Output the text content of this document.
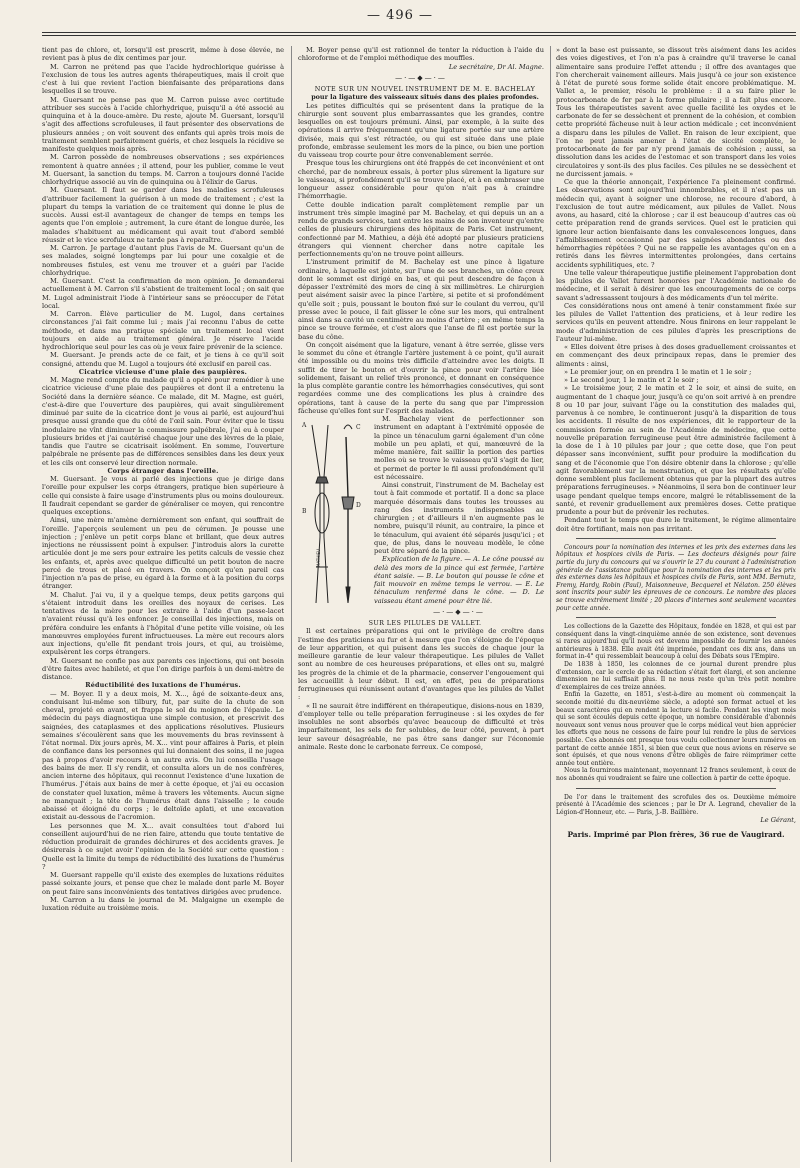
— 496 —

tient pas de chlore, et, lorsqu'il est prescrit, même à dose élevée, ne revient pas à plus de dix centimes par jour.

M. Carron ne prétend pas que l'acide hydrochlorique guérisse à l'exclusion de tous les autres agents thérapeutiques, mais il croit que c'est à lui que revient l'action bienfaisante des préparations dans lesquelles il se trouve.

M. Guersant ne pense pas que M. Carron puisse avec certitude attribuer ses succès à l'acide chlorhydrique, puisqu'il a été associé au quinquina et à la douce-amère. Du reste, ajoute M. Guersant, lorsqu'il s'agit des affections scrofuleuses, il faut présenter des observations de plusieurs années ; on voit souvent des enfants qui après trois mois de traitement semblent parfaitement guéris, et chez lesquels la récidive se manifeste quelques mois après.

M. Carron possède de nombreuses observations ; ses expériences remontent à quatre années ; il attend, pour les publier, comme le veut M. Guersant, la sanction du temps. M. Carron a toujours donné l'acide chlorhydrique associé au vin de quinquina ou à l'élixir de Garus.

M. Guersant. Il faut se garder dans les maladies scrofuleuses d'attribuer facilement la guérison à un mode de traitement ; c'est la plupart du temps la variation de ce traitement qui donne le plus de succès. Aussi est-il avantageux de changer de temps en temps les agents que l'on emploie ; autrement, la cure étant de longue durée, les malades s'habituent au médicament qui avait tout d'abord semblé réussir et le vice scrofuleux ne tarde pas à reparaître.

M. Carron. Je partage d'autant plus l'avis de M. Guersant qu'un de ses malades, soigné longtemps par lui pour une coxalgie et de nombreuses fistules, est venu me trouver et a guéri par l'acide chlorhydrique.

M. Guersant. C'est la confirmation de mon opinion. Je demanderai actuellement à M. Carron s'il s'abstient de traitement local ; on sait que M. Lugol administrait l'iode à l'intérieur sans se préoccuper de l'état local.

M. Carron. Élève particulier de M. Lugol, dans certaines circonstances j'ai fait comme lui ; mais j'ai reconnu l'abus de cette méthode, et dans ma pratique spéciale un traitement local vient toujours en aide au traitement général. Je réserve l'acide hydrochlorique seul pour les cas où je veux faire prévenir de la science.

M. Guersant. Je prends acte de ce fait, et je tiens à ce qu'il soit consigné, attendu que M. Lugol a toujours été exclusif en pareil cas.

Cicatrice vicieuse d'une plaie des paupières.

M. Magne rend compte du malade qu'il a opéré pour remédier à une cicatrice vicieuse d'une plaie des paupières et dont il a entretenu la Société dans la dernière séance. Ce malade, dit M. Magne, est guéri, c'est-à-dire que l'ouverture des paupières, qui avait singulièrement diminué par suite de la cicatrice dont je vous ai parlé, est aujourd'hui presque aussi grande que du côté de l'œil sain. Pour éviter que le tissu inodulaire ne vînt diminuer la commissure palpébrale, j'ai eu à couper plusieurs brides et j'ai cautérisé chaque jour une des lèvres de la plaie, tandis que l'autre se cicatrisait isolément. En somme, l'ouverture palpébrale ne présente pas de différences sensibles dans les deux yeux et les cils ont conservé leur direction normale.

Corps étranger dans l'oreille.

M. Guersant. Je vous ai parlé des injections que je dirige dans l'oreille pour expulser les corps étrangers, pratique bien supérieure à celle qui consiste à faire usage d'instruments plus ou moins douloureux. Il faudrait cependant se garder de généraliser ce moyen, qui rencontre quelques exceptions.

Ainsi, une mère m'amène dernièrement son enfant, qui souffrait de l'oreille. J'aperçois seulement un peu de cérumen. Je pousse une injection ; j'enlève un petit corps blanc et brillant, que deux autres injections ne réussissent point à expulser. J'introduis alors la curette articulée dont je me sers pour extraire les petits calculs de vessie chez les enfants, et, après avec quelque difficulté un petit bouton de nacre percé de trous et placé en travers. On conçoit qu'en pareil cas l'injection n'a pas de prise, eu égard à la forme et à la position du corps étranger.

M. Chalut. J'ai vu, il y a quelque temps, deux petits garçons qui s'étaient introduit dans les oreilles des noyaux de cerises. Les tentatives de la mère pour les extraire à l'aide d'un passe-lacet n'avaient réussi qu'à les enfoncer. Je conseillai des injections, mais on préféra conduire les enfants à l'hôpital d'une petite ville voisine, où les manœuvres employées furent infructueuses. La mère eut recours alors aux injections, qu'elle fit pendant trois jours, et qui, au troisième, expulsèrent les corps étrangers.

M. Guersant ne confie pas aux parents ces injections, qui ont besoin d'être faites avec habileté, et que l'on dirige parfois à un demi-mètre de distance.

Réductibilité des luxations de l'humérus.

— M. Boyer. Il y a deux mois, M. X..., âgé de soixante-deux ans, conduisant lui-même son tilbury, fut, par suite de la chute de son cheval, projeté en avant, et frappa le sol du moignon de l'épaule. Le médecin du pays diagnostiqua une simple contusion, et prescrivit des saignées, des cataplasmes et des applications résolutives. Plusieurs semaines s'écoulèrent sans que les mouvements du bras revinssent à l'état normal. Dix jours après, M. X... vint pour affaires à Paris, et plein de confiance dans les personnes qui lui donnaient des soins, il ne jugea pas à propos d'avoir recours à un autre avis. On lui conseilla l'usage des bains de mer. Il s'y rendit, et consulta alors un de nos confrères, ancien interne des hôpitaux, qui reconnut l'existence d'une luxation de l'humérus. J'étais aux bains de mer à cette époque, et j'ai eu occasion de constater quel luxation, même à travers les vêtements. Aucun signe ne manquait ; la tête de l'humérus était dans l'aisselle ; le coude abaissé et éloigné du corps ; le deltoïde aplati, et une excavation existait au-dessous de l'acromion.

Les personnes que M. X... avait consultées tout d'abord lui conseillent aujourd'hui de ne rien faire, attendu que toute tentative de réduction produirait de grandes déchirures et des accidents graves. Je désirerais à ce sujet avoir l'opinion de la Société sur cette question : Quelle est la limite du temps de réductibilité des luxations de l'humérus ?

M. Guersant rappelle qu'il existe des exemples de luxations réduites passé soixante jours, et pense que chez le malade dont parle M. Boyer on peut faire sans inconvénients des tentatives dirigées avec prudence.

M. Carron a lu dans le journal de M. Malgaigne un exemple de luxation réduite au troisième mois.

M. Boyer pense qu'il est rationnel de tenter la réduction à l'aide du chloroforme et de l'emploi méthodique des mouffles.

Le secrétaire, Dr Al. Magne.

—·—◆—·—

NOTE SUR UN NOUVEL INSTRUMENT DE M. E. BACHELAY

pour la ligature des vaisseaux situés dans des plaies profondes.

Les petites difficultés qui se présentent dans la pratique de la chirurgie sont souvent plus embarrassantes que les grandes, contre lesquelles on est toujours prémuni. Ainsi, par exemple, à la suite des opérations il arrive fréquemment qu'une ligature portée sur une artère divisée, mais qui s'est rétractée, ou qui est située dans une plaie profonde, embrasse seulement les mors de la pince, ou bien une portion du vaisseau trop courte pour être convenablement serrée.

Presque tous les chirurgiens ont été frappés de cet inconvénient et ont cherché, par de nombreux essais, à porter plus sûrement la ligature sur le vaisseau, si profondément qu'il se trouve placé, et à en embrasser une longueur assez considérable pour qu'on n'ait pas à craindre l'hémorrhagie.

Cette double indication paraît complètement remplie par un instrument très simple imaginé par M. Bachelay, et qui depuis un an a rendu de grands services, tant entre les mains de son inventeur qu'entre celles de plusieurs chirurgiens des hôpitaux de Paris. Cet instrument, confectionné par M. Mathieu, a déjà été adopté par plusieurs praticiens étrangers qui viennent chercher dans notre capitale les perfectionnements qu'on ne trouve point ailleurs.

L'instrument primitif de M. Bachelay est une pince à ligature ordinaire, à laquelle est jointe, sur l'une de ses branches, un cône creux dont le sommet est dirigé en bas, et qui peut descendre de façon à dépasser l'extrémité des mors de cinq à six millimètres. Le chirurgien peut aisément saisir avec la pince l'artère, si petite et si profondément qu'elle soit ; puis, poussant le bouton fixé sur le coulant du verrou, qu'il presse avec le pouce, il fait glisser le cône sur les mors, qui entraînent ainsi dans sa cavité un centimètre au moins d'artère ; en même temps la pince se trouve fermée, et c'est alors que l'anse de fil est portée sur la base du cône.

On conçoit aisément que la ligature, venant à être serrée, glisse vers le sommet du cône et étrangle l'artère justement à ce point, qu'il aurait été impossible ou du moins très difficile d'atteindre avec les doigts. Il suffit de tirer le bouton et d'ouvrir la pince pour voir l'artère liée solidement, faisant un relief très prononcé, et donnant en conséquence la plus complète garantie contre les hémorrhagies consécutives, qui sont regardées comme une des complications les plus à craindre des opérations, tant à cause de la perte du sang que par l'impression fâcheuse qu'elles font sur l'esprit des malades.

A
B
C
D
MATHIEU

M. Bachelay vient de perfectionner son instrument en adaptant à l'extrémité opposée de la pince un ténaculum garni également d'un cône mobile un peu aplati, et qui, manœuvré de la même manière, fait saillir la portion des parties molles où se trouve le vaisseau qu'il s'agit de lier, et permet de porter le fil aussi profondément qu'il est nécessaire.

Ainsi construit, l'instrument de M. Bachelay est tout à fait commode et portatif. Il a donc sa place marquée désormais dans toutes les trousses au rang des instruments indispensables au chirurgien ; et d'ailleurs il n'en augmente pas le nombre, puisqu'il réunit, au contraire, la pince et le ténaculum, qui avaient été séparés jusqu'ici ; et que, de plus, dans le nouveau modèle, le cône peut être séparé de la pince.

Explication de la figure. — A. Le cône poussé au delà des mors de la pince qui est fermée, l'artère étant saisie. — B. Le bouton qui pousse le cône et fait mouvoir en même temps le verrou. — E. Le ténaculum renfermé dans le cône. — D. Le vaisseau étant amené pour être lié.

—·—◆—·—

SUR LES PILULES DE VALLET.

Il est certaines préparations qui ont le privilège de croître dans l'estime des praticiens au fur et à mesure que l'on s'éloigne de l'époque de leur apparition, et qui puisent dans les succès de chaque jour la meilleure garantie de leur valeur thérapeutique. Les pilules de Vallet sont au nombre de ces heureuses préparations, et elles ont su, malgré les progrès de la chimie et de la pharmacie, conserver l'engouement qui les accueillit à leur début. Il est, en effet, peu de préparations ferrugineuses qui réunissent autant d'avantages que les pilules de Vallet :

« Il ne saurait être indifférent en thérapeutique, disions-nous en 1839, d'employer telle ou telle préparation ferrugineuse : si les oxydes de fer insolubles ne sont absorbés qu'avec beaucoup de difficulté et très imparfaitement, les sels de fer solubles, de leur côté, peuvent, à part leur saveur désagréable, ne pas être sans danger sur l'économie animale. Reste donc le carbonate ferreux. Ce composé,

» dont la base est puissante, se dissout très aisément dans les acides des voies digestives, et l'on n'a pas à craindre qu'il traverse le canal alimentaire sans produire l'effet attendu ; il offre des avantages que l'on chercherait vainement ailleurs. Mais jusqu'à ce jour son existence à l'état de pureté sous forme solide était encore problématique. M. Vallet a, le premier, résolu le problème : il a su faire plier le protocarbonate de fer par à la forme pilulaire ; il a fait plus encore. Tous les thérapeutistes savent avec quelle facilité les oxydes et le carbonate de fer se dessèchent et prennent de la cohésion, et combien cette propriété fâcheuse nuit à leur action médicale ; cet inconvénient a disparu dans les pilules de Vallet. En raison de leur excipient, que l'on ne peut jamais amener à l'état de siccité complète, le protocarbonate de fer par n'y prend jamais de cohésion ; aussi, sa dissolution dans les acides de l'estomac et son transport dans les voies circulatoires y sont-ils des plus faciles. Ces pilules ne se dessèchent et ne durcissent jamais. »

Ce que la théorie annonçait, l'expérience l'a pleinement confirmé. Les observations sont aujourd'hui innombrables, et il n'est pas un médecin qui, ayant à soigner une chlorose, ne recoure d'abord, à l'exclusion de tout autre médicament, aux pilules de Vallet. Nous avons, au hasard, cité la chlorose ; car il est beaucoup d'autres cas où cette préparation rend de grands services. Quel est le praticien qui ignore leur action bienfaisante dans les convalescences longues, dans l'affaiblissement occasionné par des saignées abondantes ou des hémorrhagies répétées ? Qui ne se rappelle les avantages qu'on en a retirés dans les fièvres intermittentes prolongées, dans certains accidents syphilitiques, etc. ?

Une telle valeur thérapeutique justifie pleinement l'approbation dont les pilules de Vallet furent honorées par l'Académie nationale de médecine, et il serait à désirer que les encouragements de ce corps savant s'adressassent toujours à des médicaments d'un tel mérite.

Ces considérations nous ont amené à tenir constamment fixée sur les pilules de Vallet l'attention des praticiens, et à leur redire les services qu'ils en peuvent attendre. Nous finirons en leur rappelant le mode d'administration de ces pilules d'après les prescriptions de l'auteur lui-même.

« Elles doivent être prises à des doses graduellement croissantes et en commençant des deux principaux repas, dans le premier des aliments : ainsi,

» Le premier jour, on en prendra 1 le matin et 1 le soir ;

» Le second jour, 1 le matin et 2 le soir ;

» Le troisième jour, 2 le matin et 2 le soir, et ainsi de suite, en augmentant de 1 chaque jour, jusqu'à ce qu'on soit arrivé à en prendre 8 ou 10 par jour, suivant l'âge ou la constitution des malades qui, parvenus à ce nombre, le continueront jusqu'à la disparition de tous les accidents. Il résulte de nos expériences, dit le rapporteur de la commission formée au sein de l'Académie de médecine, que cette nouvelle préparation ferrugineuse peut être administrée facilement à la dose de 1 à 10 pilules par jour ; que cette dose, que l'on peut dépasser sans inconvénient, suffit pour produire la modification du sang et de l'économie que l'on désire obtenir dans la chlorose ; qu'elle agit favorablement sur la menstruation, et que les résultats qu'elle donne semblent plus facilement obtenus que par la plupart des autres préparations ferrugineuses. » Néanmoins, il sera bon de continuer leur usage pendant quelque temps encore, malgré le rétablissement de la santé, et revenir graduellement aux premières doses. Cette pratique prudente a pour but de prévenir les rechutes.

Pendant tout le temps que dure le traitement, le régime alimentaire doit être fortifiant, mais non pas irritant.

Concours pour la nomination des internes et les prix des externes dans les hôpitaux et hospices civils de Paris. — Les docteurs désignés pour faire partie du jury du concours qui va s'ouvrir le 27 du courant à l'administration générale de l'assistance publique pour la nomination des internes et les prix des externes dans les hôpitaux et hospices civils de Paris, sont MM. Bernutz, Fremy, Hardy, Robin (Paul), Maisonneuve, Becquerel et Nélaton. 250 élèves sont inscrits pour subir les épreuves de ce concours. Le nombre des places se trouve extrêmement limité ; 20 places d'internes sont seulement vacantes pour cette année.

Les collections de la Gazette des Hôpitaux, fondée en 1828, et qui est par conséquent dans la vingt-cinquième année de son existence, sont devenues si rares aujourd'hui qu'il nous est devenu impossible de fournir les années antérieures à 1838. Elle avait été imprimée, pendant ces dix ans, dans un format in-4° qui ressemblait beaucoup à celui des Débats sous l'Empire.

De 1838 à 1850, les colonnes de ce journal durent prendre plus d'extension, car le cercle de sa rédaction s'était fort élargi, et son ancienne dimension ne lui suffisait plus. Il ne nous reste qu'un très petit nombre d'exemplaires de ces treize années.

Enfin la Gazette, en 1851, s'est-à-dire au moment où commençait la seconde moitié du dix-neuvième siècle, a adopté son format actuel et les beaux caractères qui en rendent la lecture si facile. Pendant les vingt mois qui se sont écoulés depuis cette époque, un nombre considérable d'abonnés nouveaux sont venus nous prouver que le corps médical veut bien apprécier les efforts que nous ne cessons de faire pour lui rendre le plus de services possible. Ces abonnés ont presque tous voulu collectionner leurs numéros en partant de cette année 1851, si bien que ceux que nous avions en réserve se sont épuisés, et que nous venons d'être obligés de faire réimprimer cette année tout entière.

Nous la fournirons maintenant, moyennant 12 francs seulement, à ceux de nos abonnés qui voudraient se faire une collection à partir de cette époque.

De l'or dans le traitement des scrofules des os. Deuxième mémoire présenté à l'Académie des sciences ; par le Dr A. Legrand, chevalier de la Légion-d'Honneur, etc. — Paris, J.-B. Baillière.

Le Gérant,

Paris. Imprimé par Plon frères, 36 rue de Vaugirard.
